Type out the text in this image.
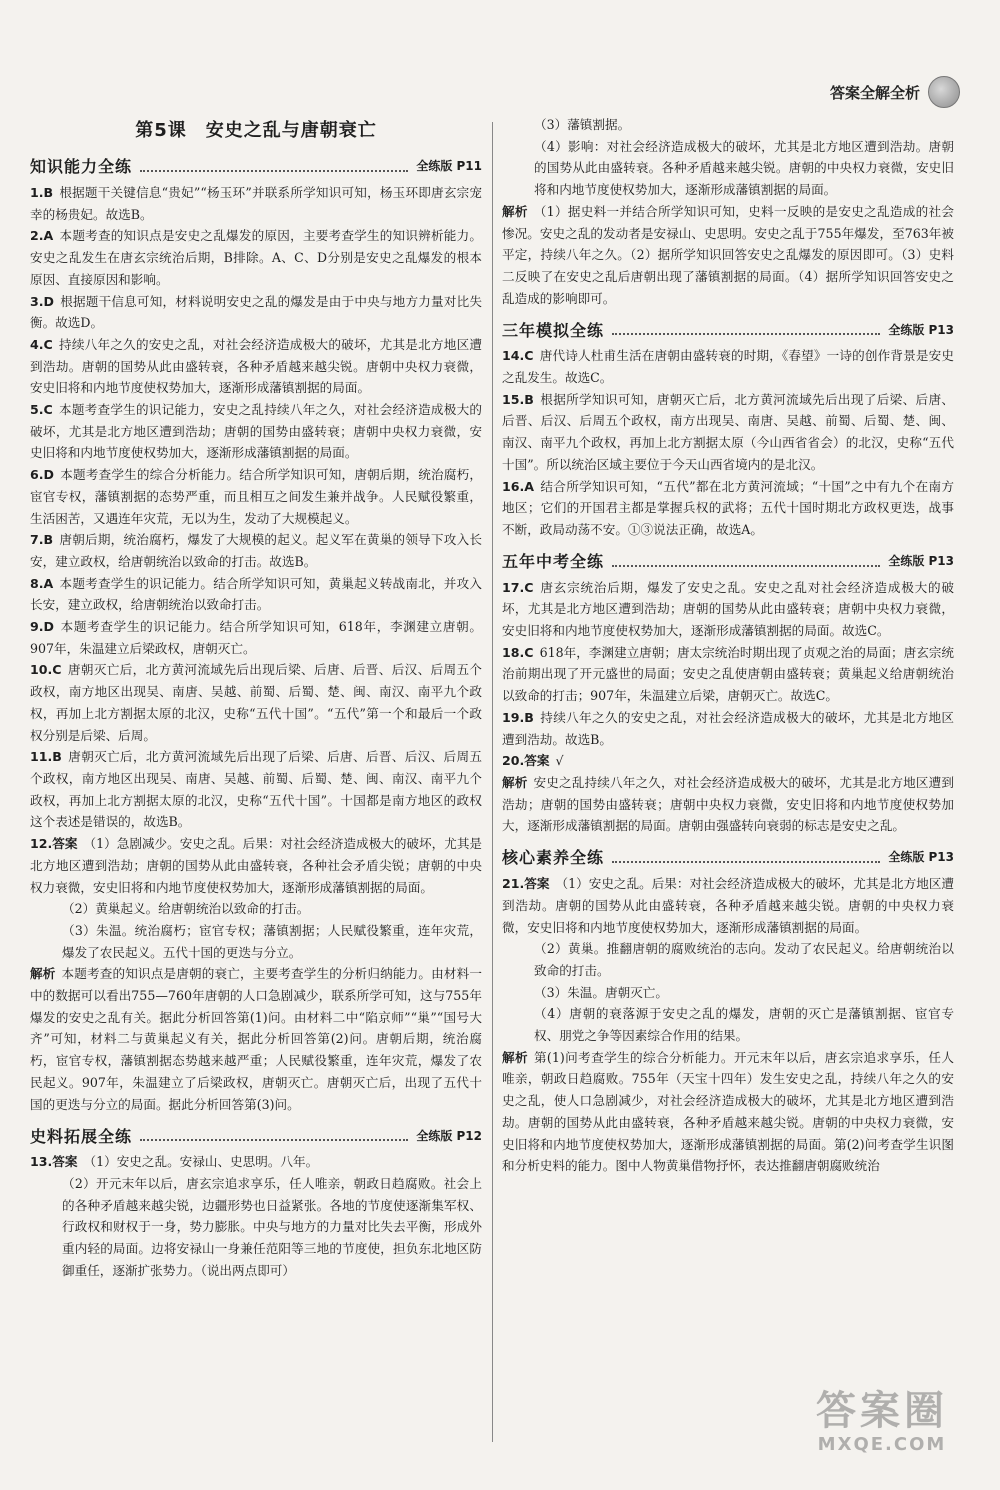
答案全解全析
第5课　安史之乱与唐朝衰亡
知识能力全练	全练版 P11

1.B 根据题干关键信息“贵妃”“杨玉环”并联系所学知识可知，杨玉环即唐玄宗宠幸的杨贵妃。故选B。

2.A 本题考查的知识点是安史之乱爆发的原因，主要考查学生的知识辨析能力。安史之乱发生在唐玄宗统治后期，B排除。A、C、D分别是安史之乱爆发的根本原因、直接原因和影响。

3.D 根据题干信息可知，材料说明安史之乱的爆发是由于中央与地方力量对比失衡。故选D。

4.C 持续八年之久的安史之乱，对社会经济造成极大的破坏，尤其是北方地区遭到浩劫。唐朝的国势从此由盛转衰，各种矛盾越来越尖锐。唐朝中央权力衰微，安史旧将和内地节度使权势加大，逐渐形成藩镇割据的局面。

5.C 本题考查学生的识记能力，安史之乱持续八年之久，对社会经济造成极大的破坏，尤其是北方地区遭到浩劫；唐朝的国势由盛转衰；唐朝中央权力衰微，安史旧将和内地节度使权势加大，逐渐形成藩镇割据的局面。

6.D 本题考查学生的综合分析能力。结合所学知识可知，唐朝后期，统治腐朽，宦官专权，藩镇割据的态势严重，而且相互之间发生兼并战争。人民赋役繁重，生活困苦，又遇连年灾荒，无以为生，发动了大规模起义。

7.B 唐朝后期，统治腐朽，爆发了大规模的起义。起义军在黄巢的领导下攻入长安，建立政权，给唐朝统治以致命的打击。故选B。

8.A 本题考查学生的识记能力。结合所学知识可知，黄巢起义转战南北，并攻入长安，建立政权，给唐朝统治以致命打击。

9.D 本题考查学生的识记能力。结合所学知识可知，618年，李渊建立唐朝。907年，朱温建立后梁政权，唐朝灭亡。

10.C 唐朝灭亡后，北方黄河流域先后出现后梁、后唐、后晋、后汉、后周五个政权，南方地区出现吴、南唐、吴越、前蜀、后蜀、楚、闽、南汉、南平九个政权，再加上北方割据太原的北汉，史称“五代十国”。“五代”第一个和最后一个政权分别是后梁、后周。

11.B 唐朝灭亡后，北方黄河流域先后出现了后梁、后唐、后晋、后汉、后周五个政权，南方地区出现吴、南唐、吴越、前蜀、后蜀、楚、闽、南汉、南平九个政权，再加上北方割据太原的北汉，史称“五代十国”。十国都是南方地区的政权这个表述是错误的，故选B。

12.答案 （1）急剧减少。安史之乱。后果：对社会经济造成极大的破坏，尤其是北方地区遭到浩劫；唐朝的国势从此由盛转衰，各种社会矛盾尖锐；唐朝的中央权力衰微，安史旧将和内地节度使权势加大，逐渐形成藩镇割据的局面。

（2）黄巢起义。给唐朝统治以致命的打击。

（3）朱温。统治腐朽；宦官专权；藩镇割据；人民赋役繁重，连年灾荒，爆发了农民起义。五代十国的更迭与分立。

解析 本题考查的知识点是唐朝的衰亡，主要考查学生的分析归纳能力。由材料一中的数据可以看出755—760年唐朝的人口急剧减少，联系所学可知，这与755年爆发的安史之乱有关。据此分析回答第(1)问。由材料二中“陷京师”“巢”“国号大齐”可知，材料二与黄巢起义有关，据此分析回答第(2)问。唐朝后期，统治腐朽，宦官专权，藩镇割据态势越来越严重；人民赋役繁重，连年灾荒，爆发了农民起义。907年，朱温建立了后梁政权，唐朝灭亡。唐朝灭亡后，出现了五代十国的更迭与分立的局面。据此分析回答第(3)问。

史料拓展全练	全练版 P12

13.答案 （1）安史之乱。安禄山、史思明。八年。

（2）开元末年以后，唐玄宗追求享乐，任人唯亲，朝政日趋腐败。社会上的各种矛盾越来越尖锐，边疆形势也日益紧张。各地的节度使逐渐集军权、行政权和财权于一身，势力膨胀。中央与地方的力量对比失去平衡，形成外重内轻的局面。边将安禄山一身兼任范阳等三地的节度使，担负东北地区防御重任，逐渐扩张势力。（说出两点即可）

（3）藩镇割据。

（4）影响：对社会经济造成极大的破坏，尤其是北方地区遭到浩劫。唐朝的国势从此由盛转衰。各种矛盾越来越尖锐。唐朝的中央权力衰微，安史旧将和内地节度使权势加大，逐渐形成藩镇割据的局面。

解析 （1）据史料一并结合所学知识可知，史料一反映的是安史之乱造成的社会惨况。安史之乱的发动者是安禄山、史思明。安史之乱于755年爆发，至763年被平定，持续八年之久。（2）据所学知识回答安史之乱爆发的原因即可。（3）史料二反映了在安史之乱后唐朝出现了藩镇割据的局面。（4）据所学知识回答安史之乱造成的影响即可。

三年模拟全练	全练版 P13

14.C 唐代诗人杜甫生活在唐朝由盛转衰的时期，《春望》一诗的创作背景是安史之乱发生。故选C。

15.B 根据所学知识可知，唐朝灭亡后，北方黄河流域先后出现了后梁、后唐、后晋、后汉、后周五个政权，南方出现吴、南唐、吴越、前蜀、后蜀、楚、闽、南汉、南平九个政权，再加上北方割据太原（今山西省省会）的北汉，史称“五代十国”。所以统治区域主要位于今天山西省境内的是北汉。

16.A 结合所学知识可知，“五代”都在北方黄河流域；“十国”之中有九个在南方地区；它们的开国君主都是掌握兵权的武将；五代十国时期北方政权更迭，战事不断，政局动荡不安。①③说法正确，故选A。

五年中考全练	全练版 P13

17.C 唐玄宗统治后期，爆发了安史之乱。安史之乱对社会经济造成极大的破坏，尤其是北方地区遭到浩劫；唐朝的国势从此由盛转衰；唐朝中央权力衰微，安史旧将和内地节度使权势加大，逐渐形成藩镇割据的局面。故选C。

18.C 618年，李渊建立唐朝；唐太宗统治时期出现了贞观之治的局面；唐玄宗统治前期出现了开元盛世的局面；安史之乱使唐朝由盛转衰；黄巢起义给唐朝统治以致命的打击；907年，朱温建立后梁，唐朝灭亡。故选C。

19.B 持续八年之久的安史之乱，对社会经济造成极大的破坏，尤其是北方地区遭到浩劫。故选B。

20.答案 √

解析 安史之乱持续八年之久，对社会经济造成极大的破坏，尤其是北方地区遭到浩劫；唐朝的国势由盛转衰；唐朝中央权力衰微，安史旧将和内地节度使权势加大，逐渐形成藩镇割据的局面。唐朝由强盛转向衰弱的标志是安史之乱。

核心素养全练	全练版 P13

21.答案 （1）安史之乱。后果：对社会经济造成极大的破坏，尤其是北方地区遭到浩劫。唐朝的国势从此由盛转衰，各种矛盾越来越尖锐。唐朝的中央权力衰微，安史旧将和内地节度使权势加大，逐渐形成藩镇割据的局面。

（2）黄巢。推翻唐朝的腐败统治的志向。发动了农民起义。给唐朝统治以致命的打击。

（3）朱温。唐朝灭亡。

（4）唐朝的衰落源于安史之乱的爆发，唐朝的灭亡是藩镇割据、宦官专权、朋党之争等因素综合作用的结果。

解析 第(1)问考查学生的综合分析能力。开元末年以后，唐玄宗追求享乐，任人唯亲，朝政日趋腐败。755年（天宝十四年）发生安史之乱，持续八年之久的安史之乱，使人口急剧减少，对社会经济造成极大的破坏，尤其是北方地区遭到浩劫。唐朝的国势从此由盛转衰，各种矛盾越来越尖锐。唐朝的中央权力衰微，安史旧将和内地节度使权势加大，逐渐形成藩镇割据的局面。第(2)问考查学生识图和分析史料的能力。图中人物黄巢借物抒怀，表达推翻唐朝腐败统治

答案圈
MXQE.COM
